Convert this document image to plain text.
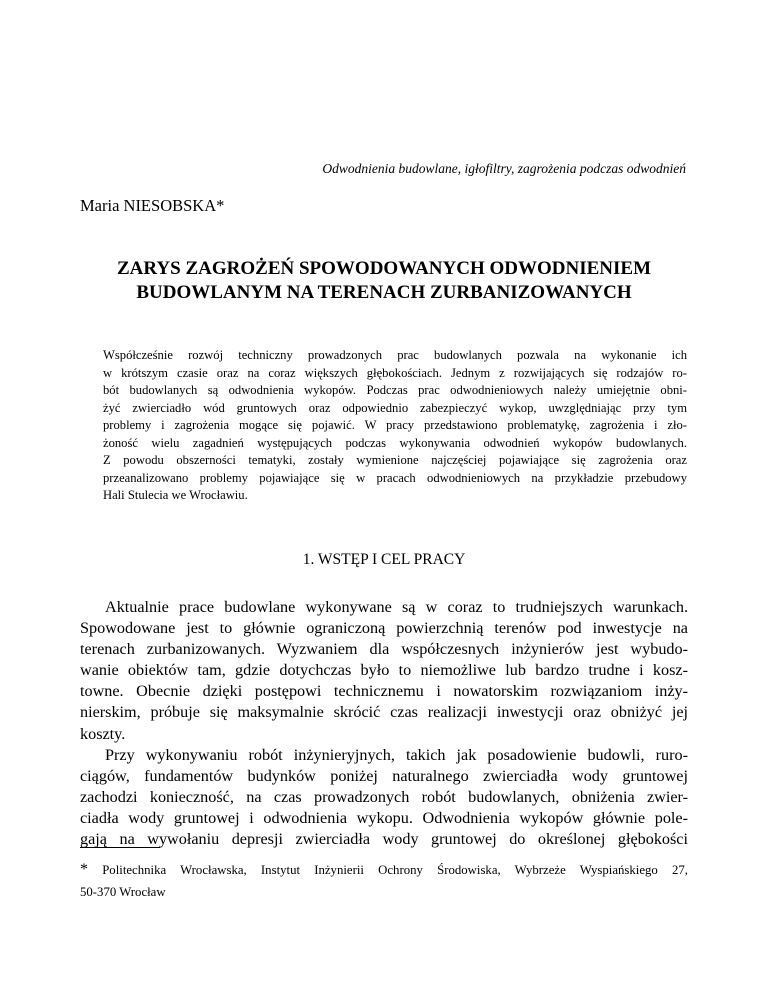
Odwodnienia budowlane, igłofiltry, zagrożenia podczas odwodnień
Maria NIESOBSKA*
ZARYS ZAGROŻEŃ SPOWODOWANYCH ODWODNIENIEM
BUDOWLANYM NA TERENACH ZURBANIZOWANYCH
Współcześnie rozwój techniczny prowadzonych prac budowlanych pozwala na wykonanie ich
w krótszym czasie oraz na coraz większych głębokościach. Jednym z rozwijających się rodzajów ro-
bót budowlanych są odwodnienia wykopów. Podczas prac odwodnieniowych należy umiejętnie obni-
żyć zwierciadło wód gruntowych oraz odpowiednio zabezpieczyć wykop, uwzględniając przy tym
problemy i zagrożenia mogące się pojawić. W pracy przedstawiono problematykę, zagrożenia i zło-
żoność wielu zagadnień występujących podczas wykonywania odwodnień wykopów budowlanych.
Z powodu obszerności tematyki, zostały wymienione najczęściej pojawiające się zagrożenia oraz
przeanalizowano problemy pojawiające się w pracach odwodnieniowych na przykładzie przebudowy
Hali Stulecia we Wrocławiu.
1. WSTĘP I CEL PRACY
Aktualnie prace budowlane wykonywane są w coraz to trudniejszych warunkach.
Spowodowane jest to głównie ograniczoną powierzchnią terenów pod inwestycje na
terenach zurbanizowanych. Wyzwaniem dla współczesnych inżynierów jest wybudo-
wanie obiektów tam, gdzie dotychczas było to niemożliwe lub bardzo trudne i kosz-
towne. Obecnie dzięki postępowi technicznemu i nowatorskim rozwiązaniom inży-
nierskim, próbuje się maksymalnie skrócić czas realizacji inwestycji oraz obniżyć jej
koszty.
Przy wykonywaniu robót inżynieryjnych, takich jak posadowienie budowli, ruro-
ciągów, fundamentów budynków poniżej naturalnego zwierciadła wody gruntowej
zachodzi konieczność, na czas prowadzonych robót budowlanych, obniżenia zwier-
ciadła wody gruntowej i odwodnienia wykopu. Odwodnienia wykopów głównie pole-
gają na wywołaniu depresji zwierciadła wody gruntowej do określonej głębokości
* Politechnika Wrocławska, Instytut Inżynierii Ochrony Środowiska, Wybrzeże Wyspiańskiego 27,
50-370 Wrocław
